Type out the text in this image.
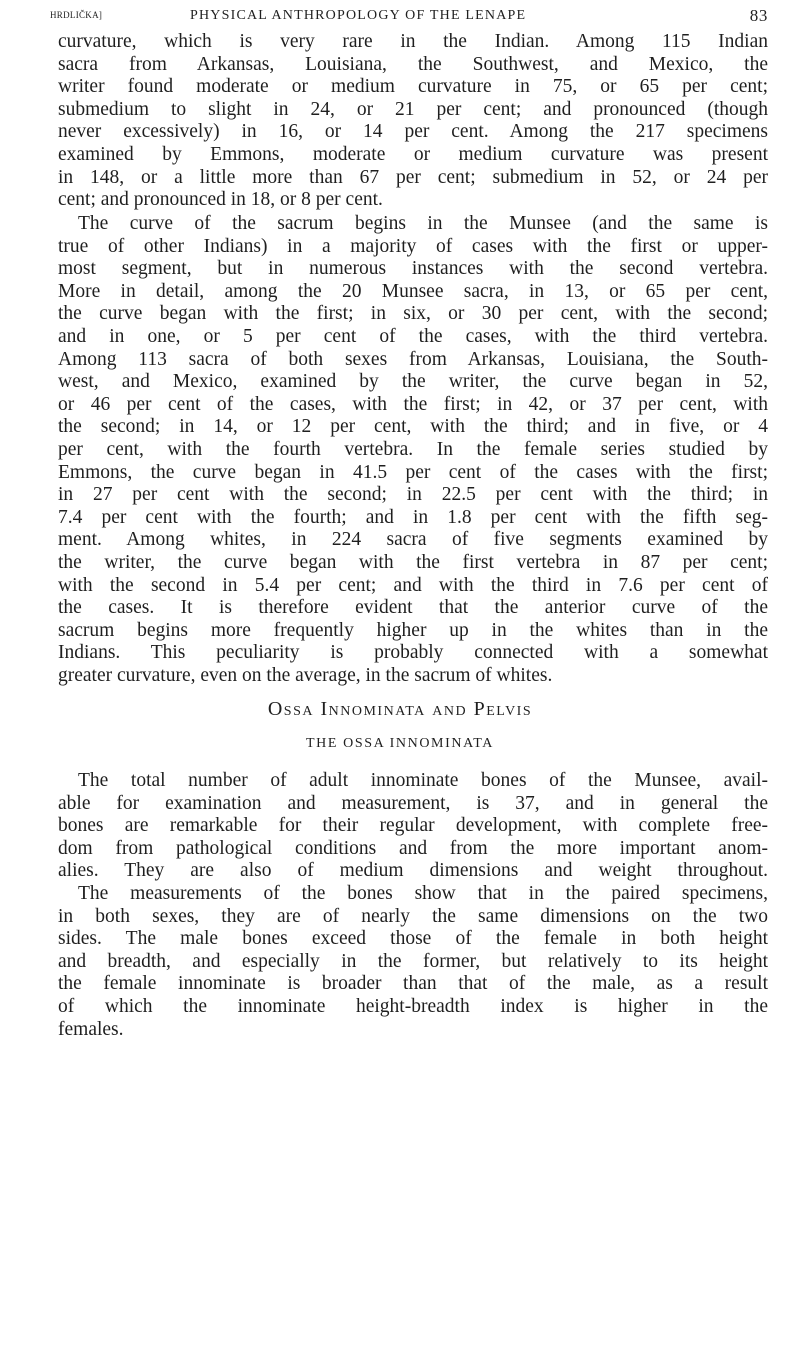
HRDLIČKA]	PHYSICAL ANTHROPOLOGY OF THE LENAPE	83
curvature, which is very rare in the Indian. Among 115 Indian
sacra from Arkansas, Louisiana, the Southwest, and Mexico, the
writer found moderate or medium curvature in 75, or 65 per cent;
submedium to slight in 24, or 21 per cent; and pronounced (though
never excessively) in 16, or 14 per cent. Among the 217 specimens
examined by Emmons, moderate or medium curvature was present
in 148, or a little more than 67 per cent; submedium in 52, or 24 per
cent; and pronounced in 18, or 8 per cent.
The curve of the sacrum begins in the Munsee (and the same is
true of other Indians) in a majority of cases with the first or upper-
most segment, but in numerous instances with the second vertebra.
More in detail, among the 20 Munsee sacra, in 13, or 65 per cent,
the curve began with the first; in six, or 30 per cent, with the second;
and in one, or 5 per cent of the cases, with the third vertebra.
Among 113 sacra of both sexes from Arkansas, Louisiana, the South-
west, and Mexico, examined by the writer, the curve began in 52,
or 46 per cent of the cases, with the first; in 42, or 37 per cent, with
the second; in 14, or 12 per cent, with the third; and in five, or 4
per cent, with the fourth vertebra. In the female series studied by
Emmons, the curve began in 41.5 per cent of the cases with the first;
in 27 per cent with the second; in 22.5 per cent with the third; in
7.4 per cent with the fourth; and in 1.8 per cent with the fifth seg-
ment. Among whites, in 224 sacra of five segments examined by
the writer, the curve began with the first vertebra in 87 per cent;
with the second in 5.4 per cent; and with the third in 7.6 per cent of
the cases. It is therefore evident that the anterior curve of the
sacrum begins more frequently higher up in the whites than in the
Indians. This peculiarity is probably connected with a somewhat
greater curvature, even on the average, in the sacrum of whites.
Ossa Innominata and Pelvis
THE OSSA INNOMINATA
The total number of adult innominate bones of the Munsee, avail-
able for examination and measurement, is 37, and in general the
bones are remarkable for their regular development, with complete free-
dom from pathological conditions and from the more important anom-
alies. They are also of medium dimensions and weight throughout.
The measurements of the bones show that in the paired specimens,
in both sexes, they are of nearly the same dimensions on the two
sides. The male bones exceed those of the female in both height
and breadth, and especially in the former, but relatively to its height
the female innominate is broader than that of the male, as a result
of which the innominate height-breadth index is higher in the
females.
